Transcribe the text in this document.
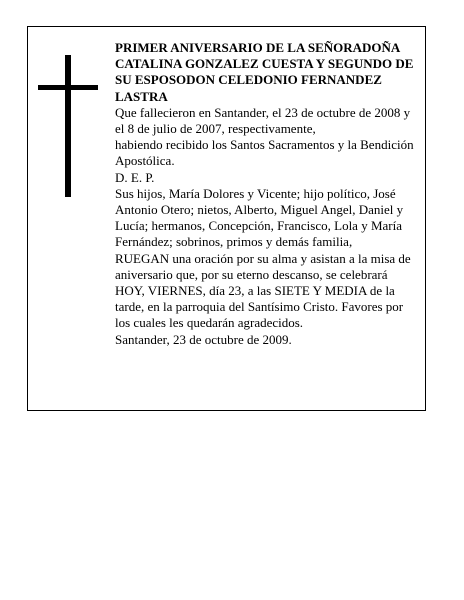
PRIMER ANIVERSARIO DE LA SEÑORADOÑA CATALINA GONZALEZ CUESTA Y SEGUNDO DE SU ESPOSODON CELEDONIO FERNANDEZ LASTRA

Que fallecieron en Santander, el 23 de octubre de 2008 y el 8 de julio de 2007, respectivamente,

habiendo recibido los Santos Sacramentos y la Bendición Apostólica.

D. E. P.

Sus hijos, María Dolores y Vicente; hijo político, José Antonio Otero; nietos, Alberto, Miguel Angel, Daniel y Lucía; hermanos, Concepción, Francisco, Lola y María Fernández; sobrinos, primos y demás familia,

RUEGAN una oración por su alma y asistan a la misa de aniversario que, por su eterno descanso, se celebrará HOY, VIERNES, día 23, a las SIETE Y MEDIA de la tarde, en la parroquia del Santísimo Cristo. Favores por los cuales les quedarán agradecidos.

Santander, 23 de octubre de 2009.
